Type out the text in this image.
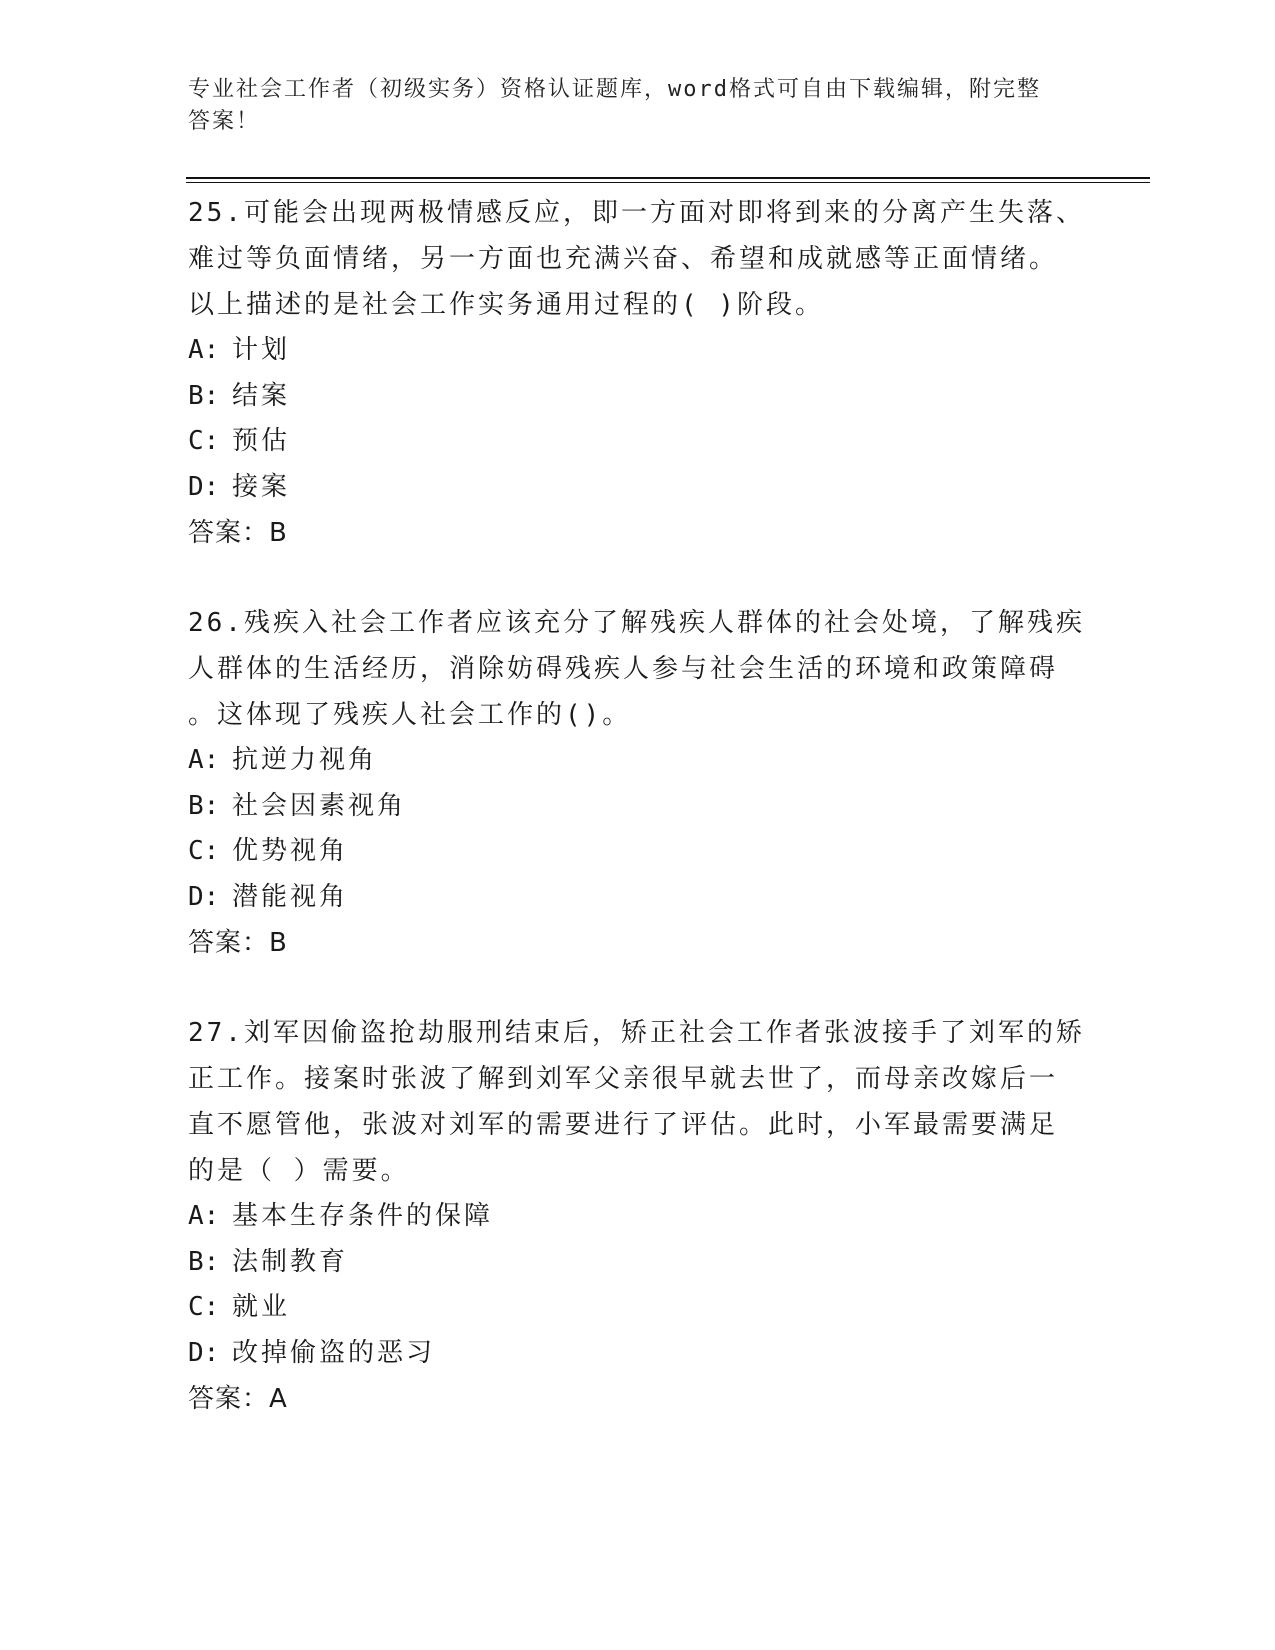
专业社会工作者（初级实务）资格认证题库，word格式可自由下载编辑，附完整
答案！

25.可能会出现两极情感反应，即一方面对即将到来的分离产生失落、

难过等负面情绪，另一方面也充满兴奋、希望和成就感等正面情绪。

以上描述的是社会工作实务通用过程的( )阶段。

A: 计划

B: 结案

C: 预估

D: 接案

答案：B

26.残疾入社会工作者应该充分了解残疾人群体的社会处境，了解残疾

人群体的生活经历，消除妨碍残疾人参与社会生活的环境和政策障碍

。这体现了残疾人社会工作的()。

A: 抗逆力视角

B: 社会因素视角

C: 优势视角

D: 潜能视角

答案：B

27.刘军因偷盗抢劫服刑结束后，矫正社会工作者张波接手了刘军的矫

正工作。接案时张波了解到刘军父亲很早就去世了，而母亲改嫁后一

直不愿管他，张波对刘军的需要进行了评估。此时，小军最需要满足

的是（ ）需要。

A: 基本生存条件的保障

B: 法制教育

C: 就业

D: 改掉偷盗的恶习

答案：A
